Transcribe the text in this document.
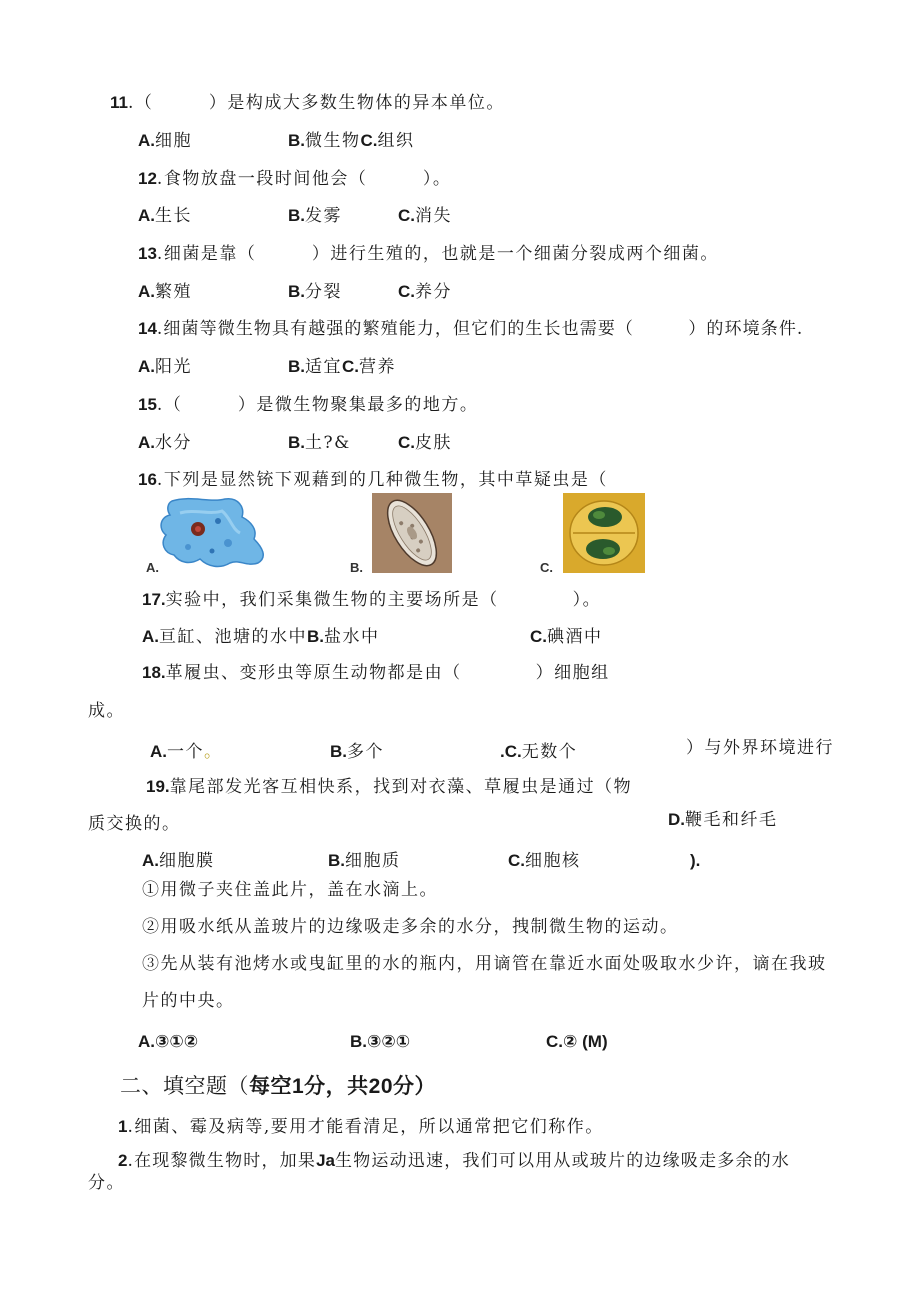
11.（　　　）是构成大多数生物体的异本单位。
A.细胞	B.微生物C.组织
12.食物放盘一段时间他会（　　　）。
A.生长	B.发雾	C.消失
13.细菌是靠（　　　）进行生殖的，也就是一个细菌分裂成两个细菌。
A.繁殖	B.分裂	C.养分
14.细菌等微生物具有越强的繁殖能力，但它们的生长也需要（　　　）的环境条件.
A.阳光	B.适宜C.营养
15.（　　　）是微生物聚集最多的地方。
A.水分	B.土?&	C.皮肤
16.下列是显然铳下观藉到的几种微生物，其中草疑虫是（
A.	B.	C.
17.实验中，我们采集微生物的主要场所是（　　　　）。
A.亘缸、池塘的水中B.盐水中	C.碘酒中
18.革履虫、变形虫等原生动物都是由（　　　　）细胞组
成。
A.一个。	B.多个	.C.无数个	）与外界环境进行
19.靠尾部发光客互相快系，找到对衣藻、草履虫是通过（物
质交换的。	D.鞭毛和纤毛
A.细胞膜	B.细胞质	C.细胞核	).
①用微子夹住盖此片，盖在水滴上。
②用吸水纸从盖玻片的边缘吸走多余的水分，拽制微生物的运动。
③先从装有池烤水或曳缸里的水的瓶内，用谪管在靠近水面处吸取水少许，谪在我玻
片的中央。
A.③①②	B.③②①	C.② (M)
二、填空题（每空1分，共20分）
1.细菌、霉及病等,要用才能看清足，所以通常把它们称作。
2.在现黎微生物时，加果Ja生物运动迅速，我们可以用从或玻片的边缘吸走多余的水
分。
